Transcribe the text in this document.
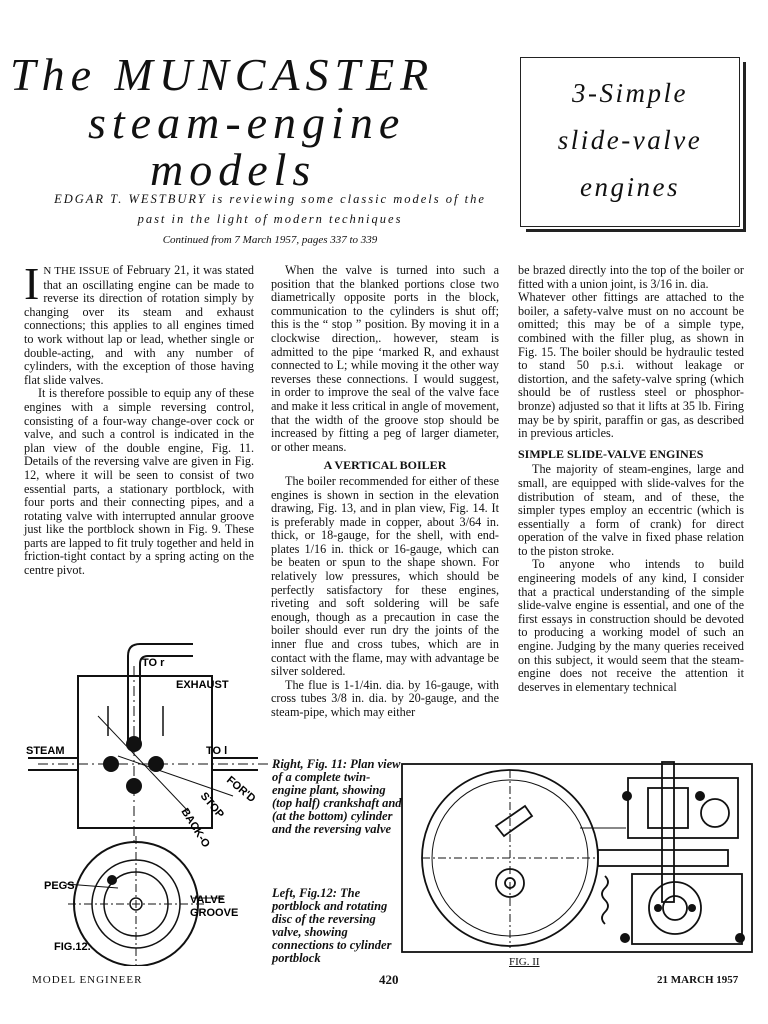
The MUNCASTER
steam-engine
models
EDGAR T. WESTBURY is reviewing some classic models of the
past in the light of modern techniques
Continued from 7 March 1957, pages 337 to 339
3-Simple
slide-valve
engines

I N THE ISSUE of February 21, it was stated that an oscillating engine can be made to reverse its direction of rotation simply by changing over its steam and exhaust connections; this applies to all engines timed to work without lap or lead, whether single or double-acting, and with any number of cylinders, with the exception of those having flat slide valves.

It is therefore possible to equip any of these engines with a simple reversing control, consisting of a four-way change-over cock or valve, and such a control is indicated in the plan view of the double engine, Fig. 11. Details of the reversing valve are given in Fig. 12, where it will be seen to consist of two essential parts, a stationary portblock, with four ports and their connecting pipes, and a rotating valve with interrupted annular groove just like the portblock shown in Fig. 9. These parts are lapped to fit truly together and held in friction-tight contact by a spring acting on the centre pivot.

When the valve is turned into such a position that the blanked portions close two diametrically opposite ports in the block, communication to the cylinders is shut off; this is the “ stop ” position. By moving it in a clockwise direction,. however, steam is admitted to the pipe ‘marked R, and exhaust connected to L; while moving it the other way reverses these connections. I would suggest, in order to improve the seal of the valve face and make it less critical in angle of movement, that the width of the groove stop should be increased by fitting a peg of larger diameter, or other means.

A VERTICAL BOILER

The boiler recommended for either of these engines is shown in section in the elevation drawing, Fig. 13, and in plan view, Fig. 14. It is preferably made in copper, about 3/64 in. thick, or 18-gauge, for the shell, with end-plates 1/16 in. thick or 16-gauge, which can be beaten or spun to the shape shown. For relatively low pressures, which should be perfectly satisfactory for these engines, riveting and soft soldering will be safe enough, though as a precaution in case the boiler should ever run dry the joints of the inner flue and cross tubes, which are in contact with the flame, may with advantage be silver soldered.

The flue is 1-1/4in. dia. by 16-gauge, with cross tubes 3/8 in. dia. by 20-gauge, and the steam-pipe, which may either

be brazed directly into the top of the boiler or fitted with a union joint, is 3/16 in. dia.

Whatever other fittings are attached to the boiler, a safety-valve must on no account be omitted; this may be of a simple type, combined with the filler plug, as shown in Fig. 15. The boiler should be hydraulic tested to stand 50 p.s.i. without leakage or distortion, and the safety-valve spring (which should be of rustless steel or phosphor-bronze) adjusted so that it lifts at 35 lb. Firing may be by spirit, paraffin or gas, as described in previous articles.

SIMPLE SLIDE-VALVE ENGINES

The majority of steam-engines, large and small, are equipped with slide-valves for the distribution of steam, and of these, the simpler types employ an eccentric (which is essentially a form of crank) for direct operation of the valve in fixed phase relation to the piston stroke.

To anyone who intends to build engineering models of any kind, I consider that a practical understanding of the simple slide-valve engine is essential, and one of the first essays in construction should be devoted to producing a working model of such an engine. Judging by the many queries received on this subject, it would seem that the steam-engine does not receive the attention it deserves in elementary technical

TO r
EXHAUST
STEAM	TO l
FOR'D
STOP
BACK-O
PEGS
VALVE
GROOVE
FIG.12.
Right, Fig. 11: Plan view of a complete twin-engine plant, showing (top half) crankshaft and (at the bottom) cylinder and the reversing valve
Left, Fig.12: The portblock and rotating disc of the reversing valve, showing connections to cylinder portblock	FIG. II
MODEL ENGINEER	420	21 MARCH 1957
